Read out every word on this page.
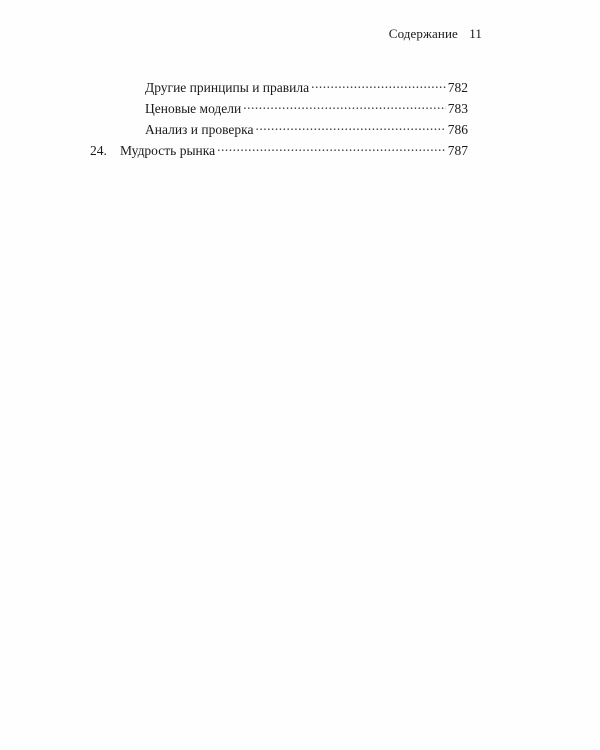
Содержание 11
Другие принципы и правила .....	782
Ценовые модели .....	783
Анализ и проверка .....	786
24. Мудрость рынка .....	787
